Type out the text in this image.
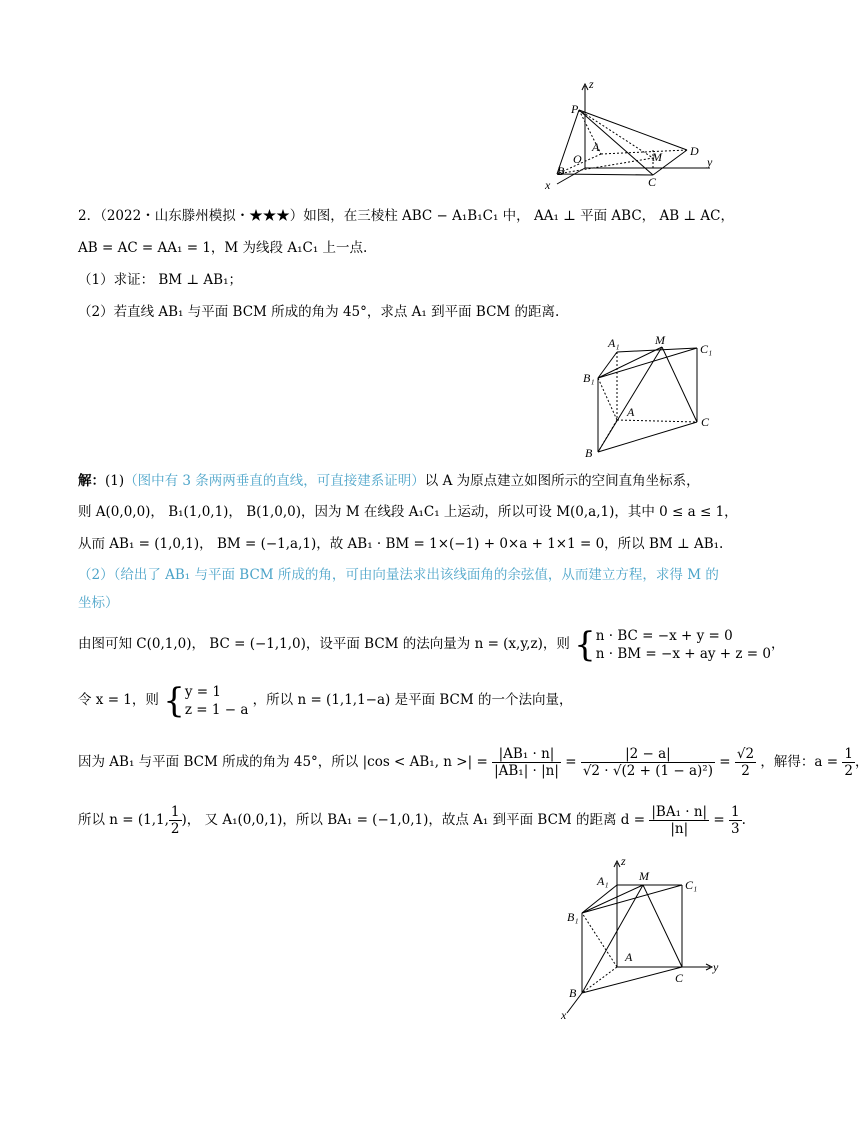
z
P
A
M D
y
O
B
C
x
2．（2022・山东滕州模拟・★★★）如图，在三棱柱 ABC − A₁B₁C₁ 中， AA₁ ⊥ 平面 ABC， AB ⊥ AC，
AB = AC = AA₁ = 1，M 为线段 A₁C₁ 上一点.
（1）求证： BM ⊥ AB₁；
（2）若直线 AB₁ 与平面 BCM 所成的角为 45°，求点 A₁ 到平面 BCM 的距离.
A₁	M
C₁
B₁
A
C
B
解：(1)（图中有 3 条两两垂直的直线，可直接建系证明）以 A 为原点建立如图所示的空间直角坐标系，
则 A(0,0,0)， B₁(1,0,1)， B(1,0,0)，因为 M 在线段 A₁C₁ 上运动，所以可设 M(0,a,1)，其中 0 ≤ a ≤ 1，
从而 AB₁ = (1,0,1)， BM = (−1,a,1)，故 AB₁ · BM = 1×(−1) + 0×a + 1×1 = 0，所以 BM ⊥ AB₁.
（2）（给出了 AB₁ 与平面 BCM 所成的角，可由向量法求出该线面角的余弦值，从而建立方程，求得 M 的
坐标）
由图可知 C(0,1,0)， BC = (−1,1,0)，设平面 BCM 的法向量为 n = (x,y,z)，则 {n · BC = −x + y = 0
n · BM = −x + ay + z = 0，
令 x = 1，则 {y = 1
z = 1 − a ，所以 n = (1,1,1−a) 是平面 BCM 的一个法向量，
因为 AB₁ 与平面 BCM 所成的角为 45°，所以 |cos < AB₁, n >| = $\frac{\text{|AB₁ · n|}}{\text{|AB₁| · |n|}} = \frac{|2 - a|}{\text{√2 · √(2 + (1 − a)²)}} = \frac{√2}{2}$ ，解得：$a = \frac{1}{2}$ ，
所以 n = (1,1, $\frac{1}{2}$ )， 又 A₁(0,0,1)，所以 BA₁ = (−1,0,1)，故点 A₁ 到平面 BCM 的距离 $d = \frac{\text{|BA₁ · n|}}{|n|} = \frac{1}{3}$ .
z
A₁	M
C₁
B₁
A
C
y
B
x
